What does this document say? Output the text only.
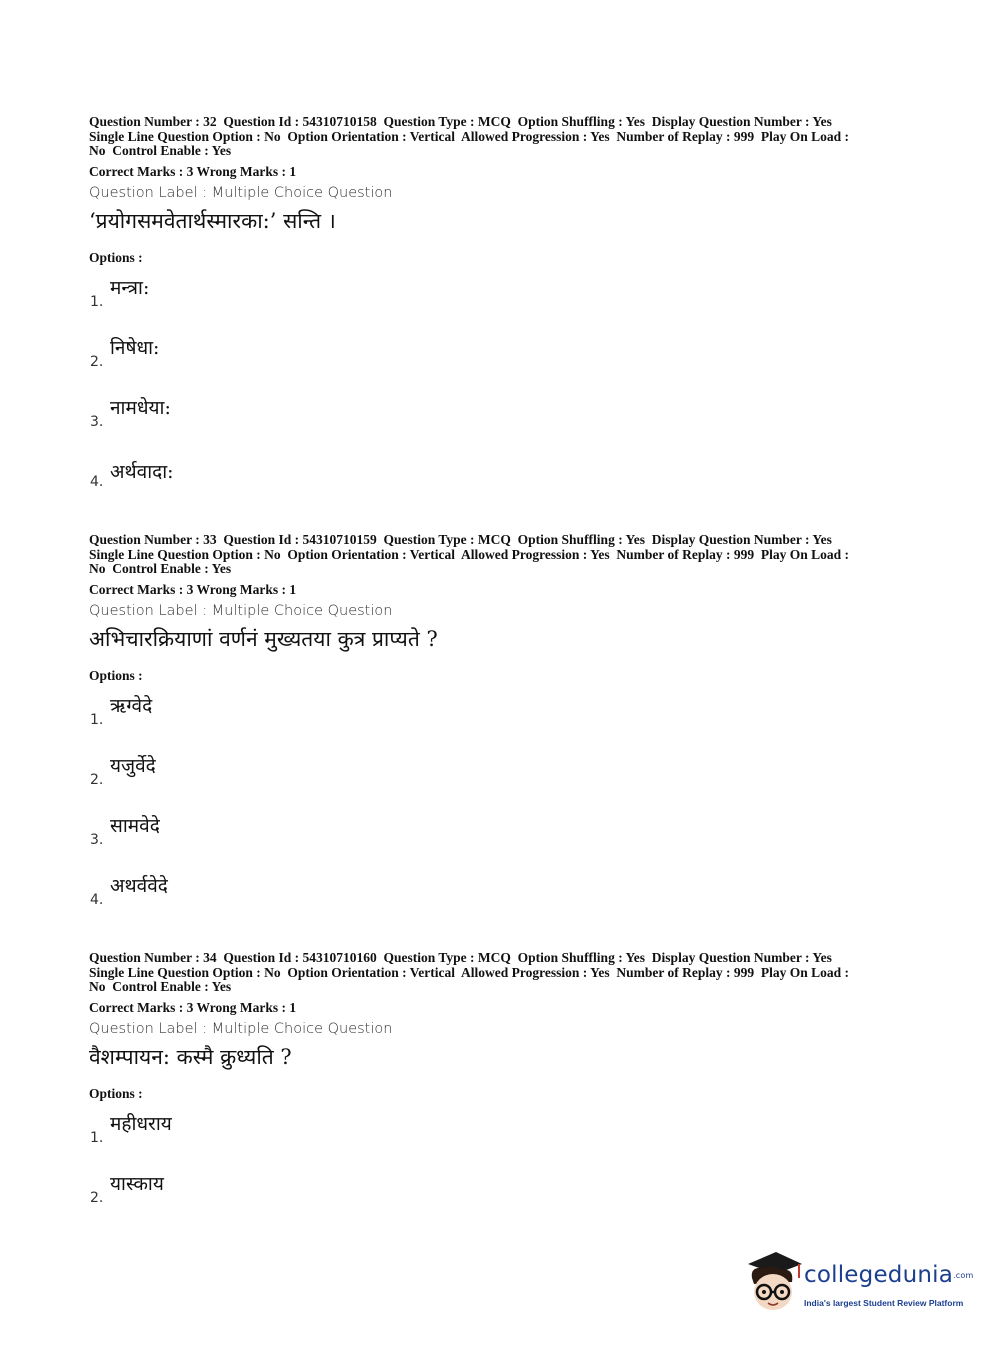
Question Number : 32  Question Id : 54310710158  Question Type : MCQ  Option Shuffling : Yes  Display Question Number : Yes
Single Line Question Option : No  Option Orientation : Vertical  Allowed Progression : Yes  Number of Replay : 999  Play On Load :
No  Control Enable : Yes

Correct Marks : 3 Wrong Marks : 1
Question Label : Multiple Choice Question
‘प्रयोगसमवेतार्थस्मारका:’ सन्ति ।
Options :
1.
मन्त्रा:
2.
निषेधा:
3.
नामधेया:
4. अर्थवादा:

Question Number : 33  Question Id : 54310710159  Question Type : MCQ  Option Shuffling : Yes  Display Question Number : Yes
Single Line Question Option : No  Option Orientation : Vertical  Allowed Progression : Yes  Number of Replay : 999  Play On Load :
No  Control Enable : Yes

Correct Marks : 3 Wrong Marks : 1
Question Label : Multiple Choice Question
अभिचारक्रियाणां वर्णनं मुख्यतया कुत्र प्राप्यते ?
Options :
1.
ऋग्वेदे
2.
यजुर्वेदे
3.
सामवेदे
4.
अथर्ववेदे

Question Number : 34  Question Id : 54310710160  Question Type : MCQ  Option Shuffling : Yes  Display Question Number : Yes
Single Line Question Option : No  Option Orientation : Vertical  Allowed Progression : Yes  Number of Replay : 999  Play On Load :
No  Control Enable : Yes

Correct Marks : 3 Wrong Marks : 1
Question Label : Multiple Choice Question
वैशम्पायन: कस्मै क्रुध्यति ?
Options :
1.
महीधराय
2.
यास्काय
collegedunia.com
India's largest Student Review Platform
